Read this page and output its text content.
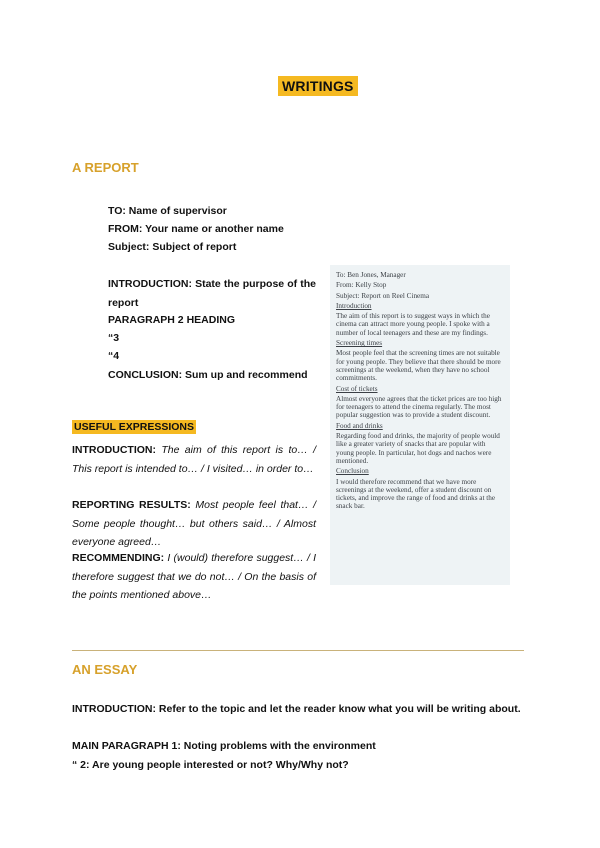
WRITINGS
A REPORT
TO: Name of supervisor
FROM: Your name or another name
Subject: Subject of report
INTRODUCTION: State the purpose of the report
PARAGRAPH 2 HEADING
“3
“4
CONCLUSION: Sum up and recommend
USEFUL EXPRESSIONS
INTRODUCTION: The aim of this report is to… / This report is intended to… / I visited… in order to…
REPORTING RESULTS: Most people feel that… / Some people thought… but others said… / Almost everyone agreed…
RECOMMENDING: I (would) therefore suggest… / I therefore suggest that we do not… / On the basis of the points mentioned above…

To: Ben Jones, Manager

From: Kelly Stop

Subject: Report on Reel Cinema

Introduction

The aim of this report is to suggest ways in which the cinema can attract more young people. I spoke with a number of local teenagers and these are my findings.

Screening times

Most people feel that the screening times are not suitable for young people. They believe that there should be more screenings at the weekend, when they have no school commitments.

Cost of tickets

Almost everyone agrees that the ticket prices are too high for teenagers to attend the cinema regularly. The most popular suggestion was to provide a student discount.

Food and drinks

Regarding food and drinks, the majority of people would like a greater variety of snacks that are popular with young people. In particular, hot dogs and nachos were mentioned.

Conclusion

I would therefore recommend that we have more screenings at the weekend, offer a student discount on tickets, and improve the range of food and drinks at the snack bar.

AN ESSAY
INTRODUCTION: Refer to the topic and let the reader know what you will be writing about.
MAIN PARAGRAPH 1: Noting problems with the environment
“ 2: Are young people interested or not? Why/Why not?
